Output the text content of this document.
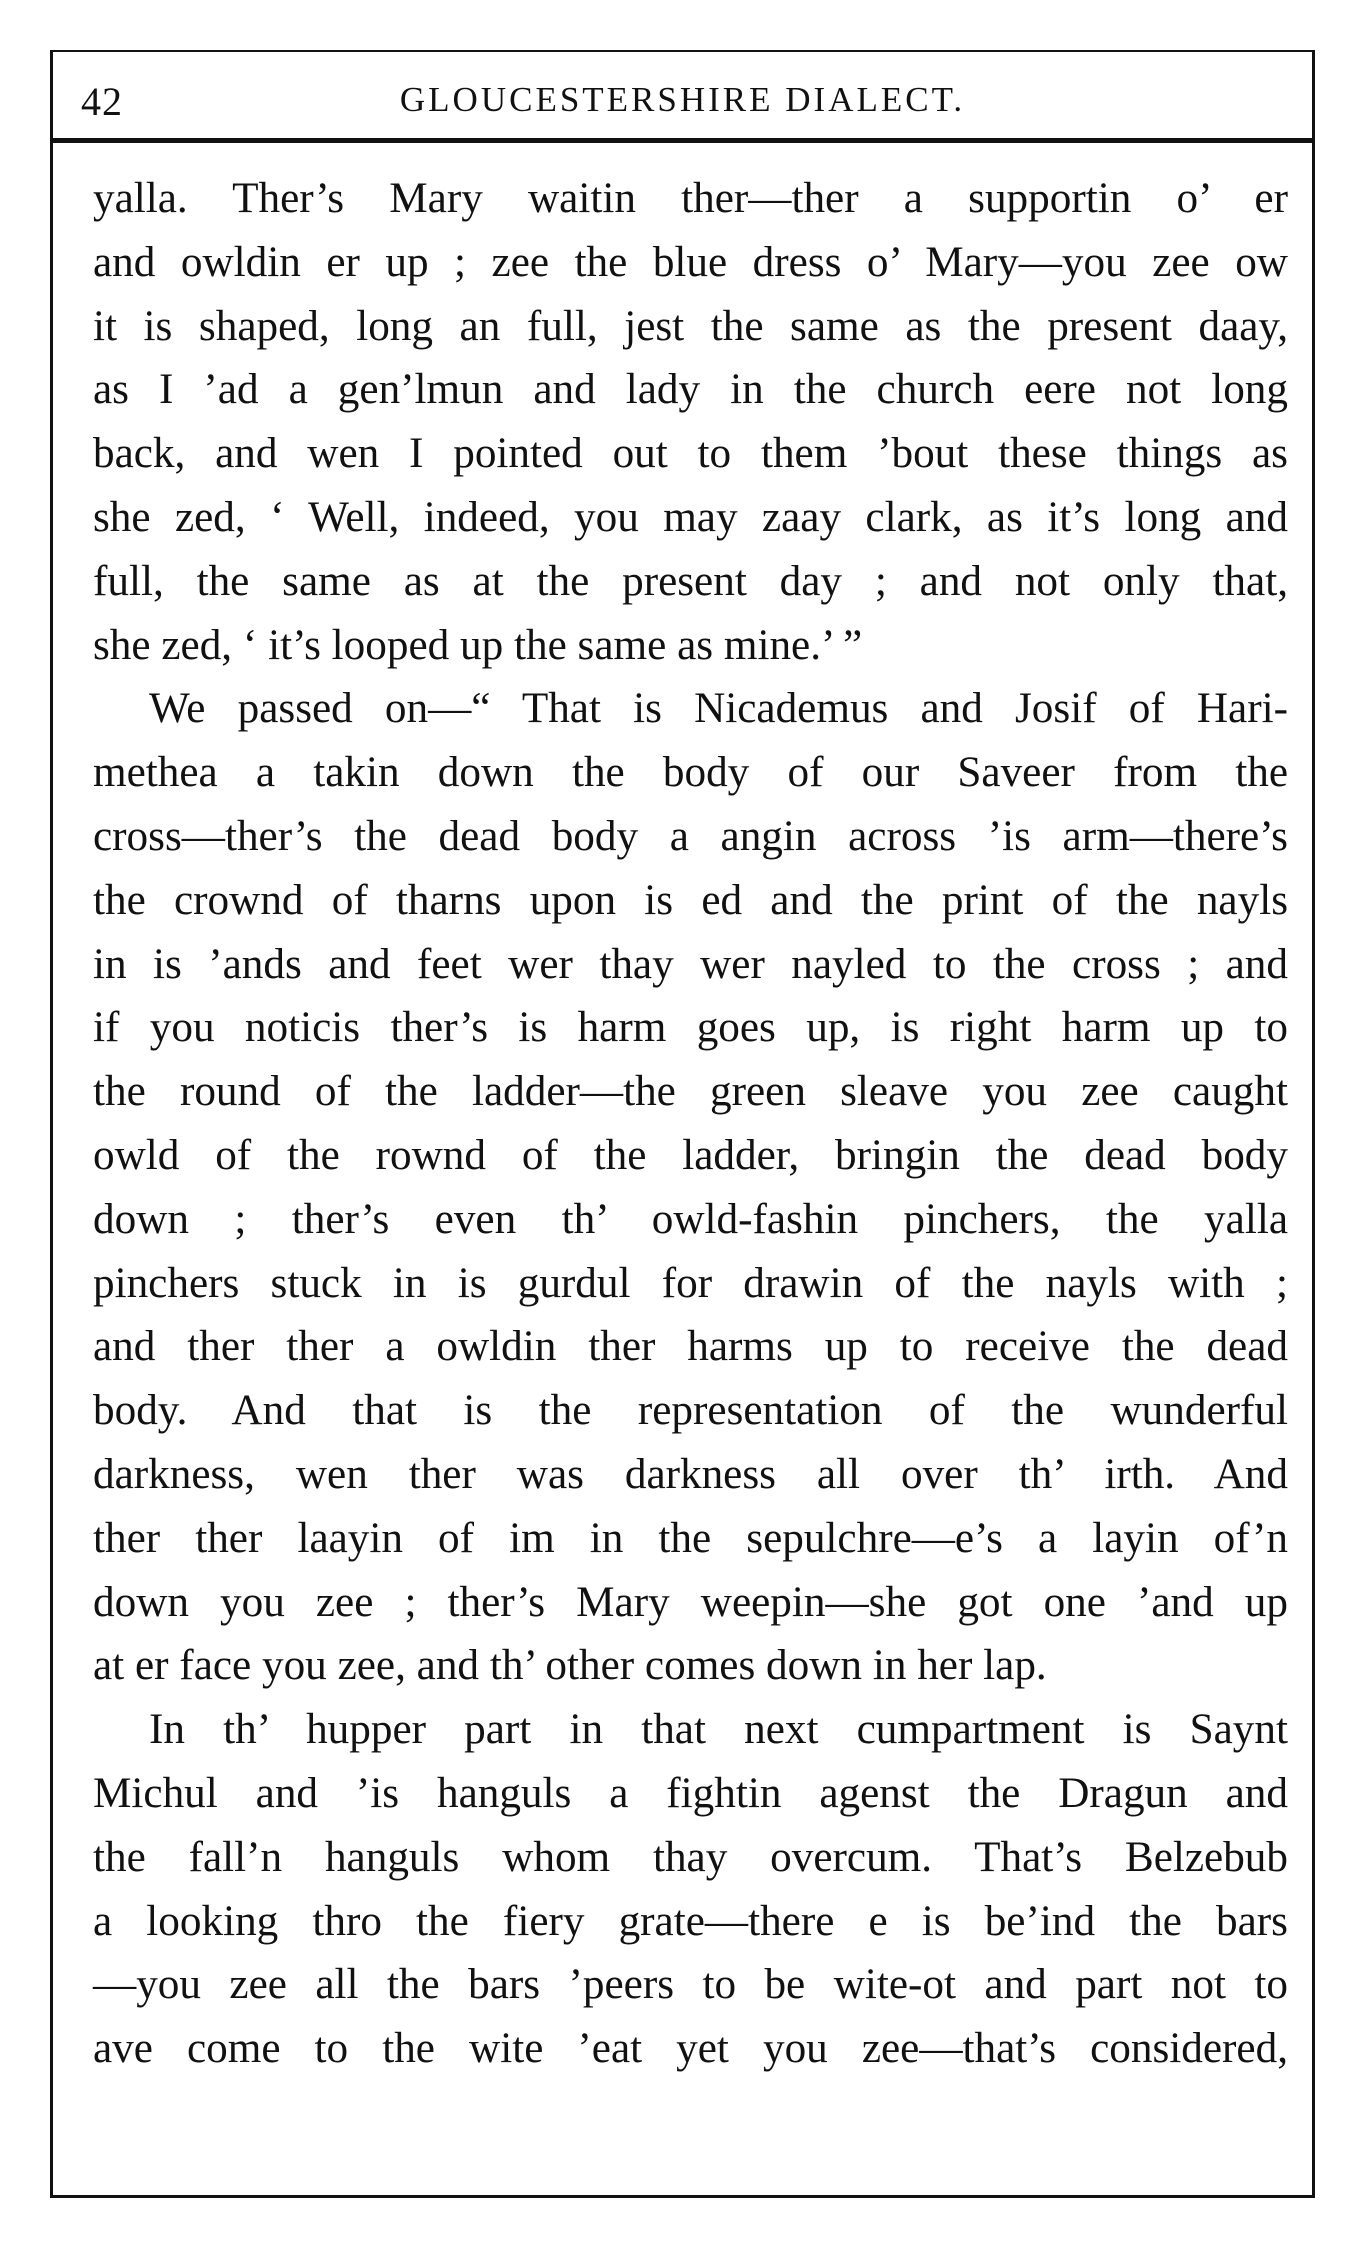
42	GLOUCESTERSHIRE DIALECT.
yalla. Ther’s Mary waitin ther—ther a supportin o’ er
and owldin er up ; zee the blue dress o’ Mary—you zee ow
it is shaped, long an full, jest the same as the present daay,
as I ’ad a gen’lmun and lady in the church eere not long
back, and wen I pointed out to them ’bout these things as
she zed, ‘ Well, indeed, you may zaay clark, as it’s long and
full, the same as at the present day ; and not only that,
she zed, ‘ it’s looped up the same as mine.’ ”
We passed on—“ That is Nicademus and Josif of Hari-
methea a takin down the body of our Saveer from the
cross—ther’s the dead body a angin across ’is arm—there’s
the crownd of tharns upon is ed and the print of the nayls
in is ’ands and feet wer thay wer nayled to the cross ; and
if you noticis ther’s is harm goes up, is right harm up to
the round of the ladder—the green sleave you zee caught
owld of the rownd of the ladder, bringin the dead body
down ; ther’s even th’ owld-fashin pinchers, the yalla
pinchers stuck in is gurdul for drawin of the nayls with ;
and ther ther a owldin ther harms up to receive the dead
body. And that is the representation of the wunderful
darkness, wen ther was darkness all over th’ irth. And
ther ther laayin of im in the sepulchre—e’s a layin of’n
down you zee ; ther’s Mary weepin—she got one ’and up
at er face you zee, and th’ other comes down in her lap.
In th’ hupper part in that next cumpartment is Saynt
Michul and ’is hanguls a fightin agenst the Dragun and
the fall’n hanguls whom thay overcum. That’s Belzebub
a looking thro the fiery grate—there e is be’ind the bars
—you zee all the bars ’peers to be wite-ot and part not to
ave come to the wite ’eat yet you zee—that’s considered,
